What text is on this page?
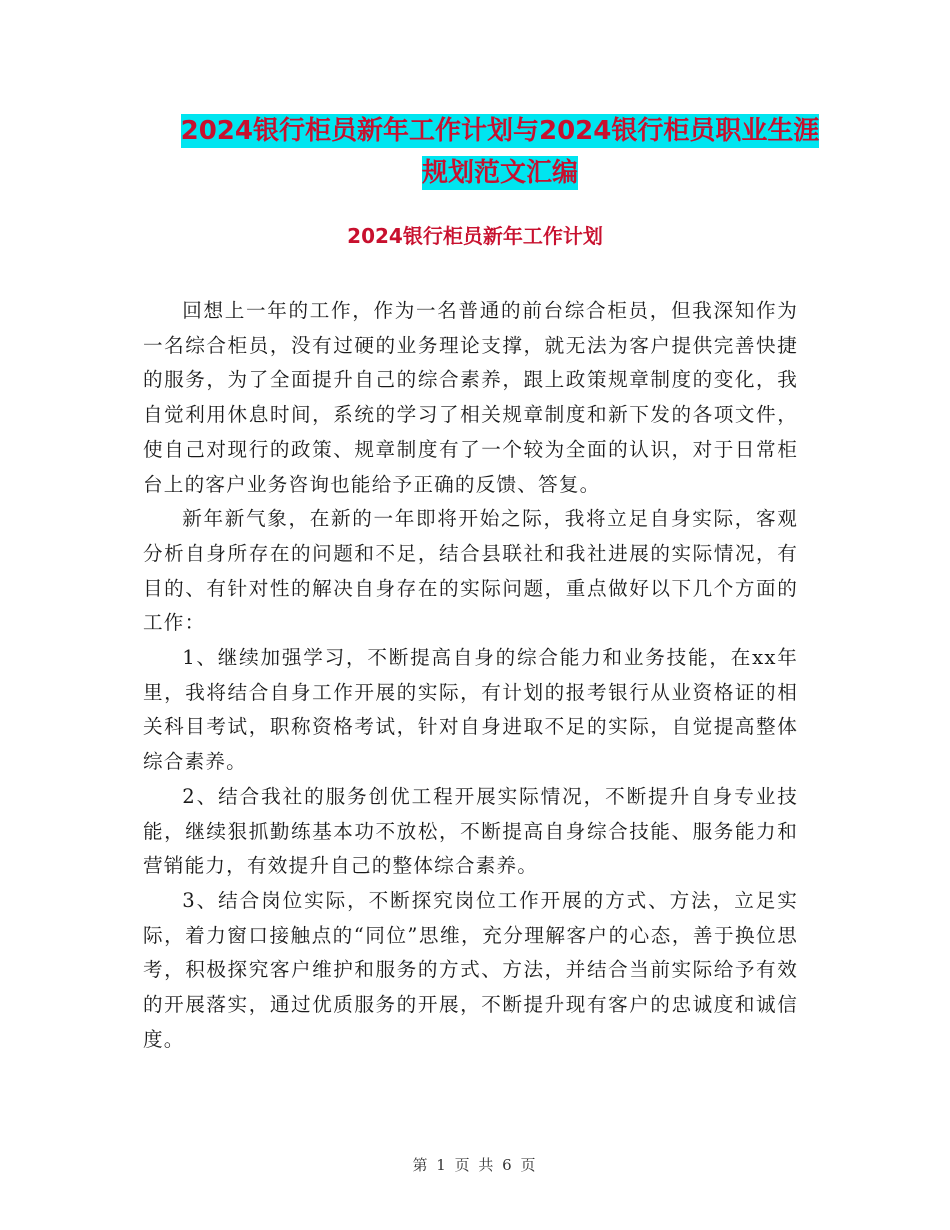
2024银行柜员新年工作计划与2024银行柜员职业生涯
规划范文汇编
2024银行柜员新年工作计划

回想上一年的工作，作为一名普通的前台综合柜员，但我深知作为一名综合柜员，没有过硬的业务理论支撑，就无法为客户提供完善快捷的服务，为了全面提升自己的综合素养，跟上政策规章制度的变化，我自觉利用休息时间，系统的学习了相关规章制度和新下发的各项文件，使自己对现行的政策、规章制度有了一个较为全面的认识，对于日常柜台上的客户业务咨询也能给予正确的反馈、答复。

新年新气象，在新的一年即将开始之际，我将立足自身实际，客观分析自身所存在的问题和不足，结合县联社和我社进展的实际情况，有目的、有针对性的解决自身存在的实际问题，重点做好以下几个方面的工作：

1、继续加强学习，不断提高自身的综合能力和业务技能，在xx年里，我将结合自身工作开展的实际，有计划的报考银行从业资格证的相关科目考试，职称资格考试，针对自身进取不足的实际，自觉提高整体综合素养。

2、结合我社的服务创优工程开展实际情况，不断提升自身专业技能，继续狠抓勤练基本功不放松，不断提高自身综合技能、服务能力和营销能力，有效提升自己的整体综合素养。

3、结合岗位实际，不断探究岗位工作开展的方式、方法，立足实际，着力窗口接触点的“同位”思维，充分理解客户的心态，善于换位思考，积极探究客户维护和服务的方式、方法，并结合当前实际给予有效的开展落实，通过优质服务的开展，不断提升现有客户的忠诚度和诚信度。

第 1 页 共 6 页
